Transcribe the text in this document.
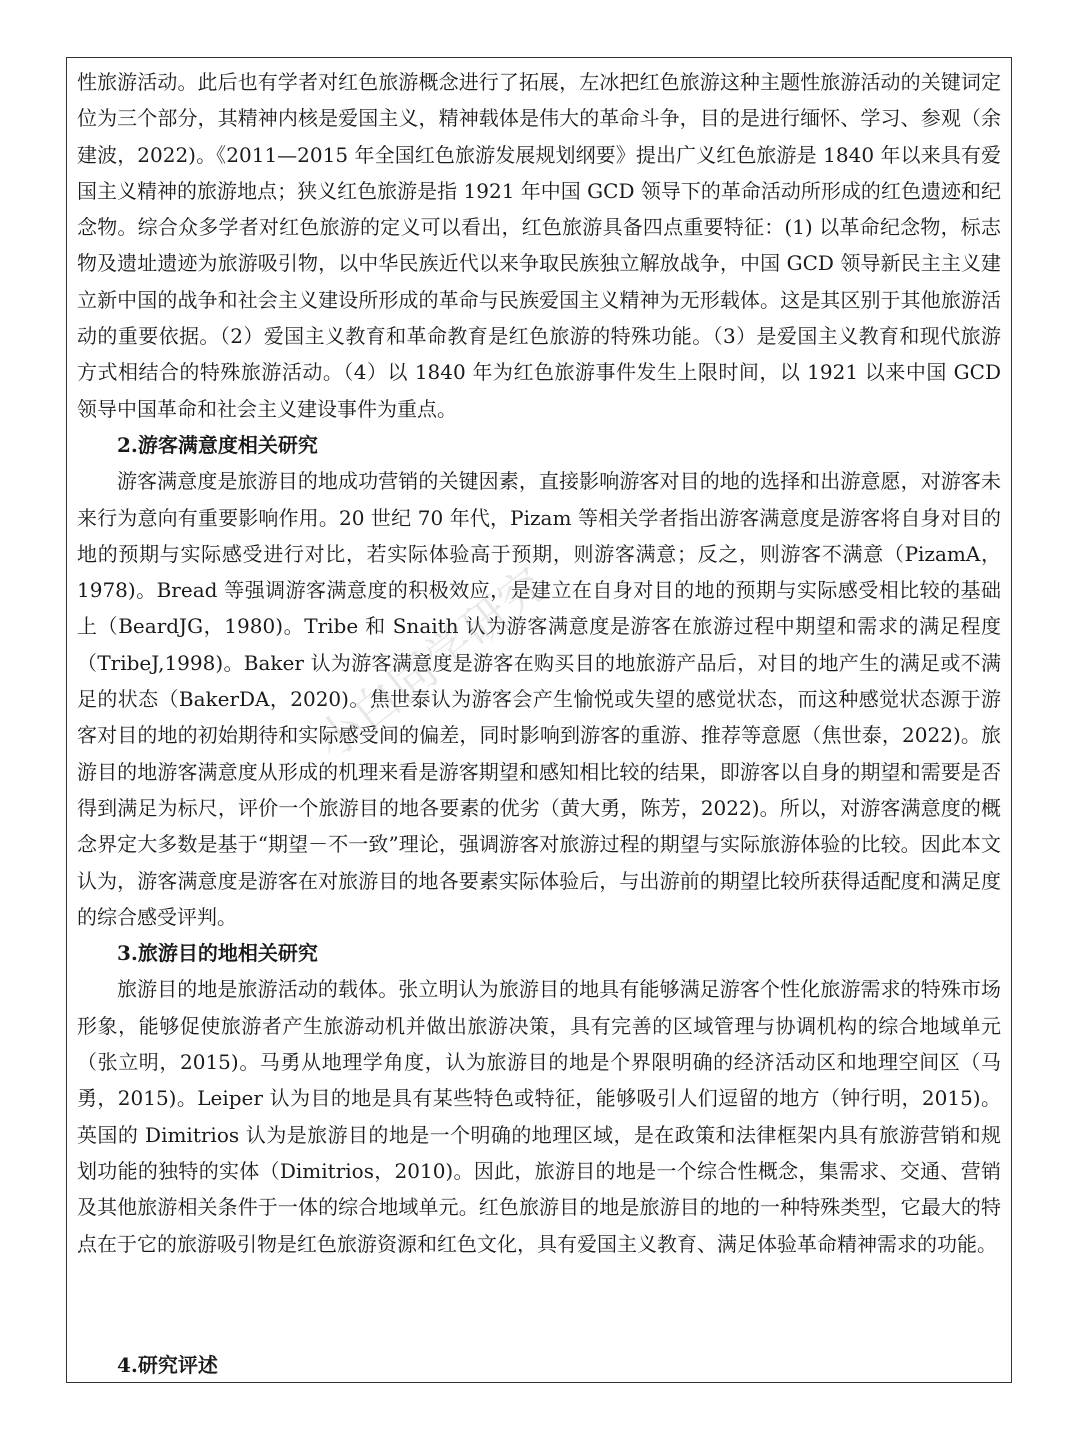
性旅游活动。此后也有学者对红色旅游概念进行了拓展，左冰把红色旅游这种主题性旅游活动的关键词定位为三个部分，其精神内核是爱国主义，精神载体是伟大的革命斗争，目的是进行缅怀、学习、参观（余建波，2022)。《2011—2015 年全国红色旅游发展规划纲要》提出广义红色旅游是 1840 年以来具有爱国主义精神的旅游地点；狭义红色旅游是指 1921 年中国 GCD 领导下的革命活动所形成的红色遗迹和纪念物。综合众多学者对红色旅游的定义可以看出，红色旅游具备四点重要特征：(1) 以革命纪念物，标志物及遗址遗迹为旅游吸引物，以中华民族近代以来争取民族独立解放战争，中国 GCD 领导新民主主义建立新中国的战争和社会主义建设所形成的革命与民族爱国主义精神为无形载体。这是其区别于其他旅游活动的重要依据。（2）爱国主义教育和革命教育是红色旅游的特殊功能。（3）是爱国主义教育和现代旅游方式相结合的特殊旅游活动。（4）以 1840 年为红色旅游事件发生上限时间，以 1921 以来中国 GCD 领导中国革命和社会主义建设事件为重点。

2.游客满意度相关研究

游客满意度是旅游目的地成功营销的关键因素，直接影响游客对目的地的选择和出游意愿，对游客未来行为意向有重要影响作用。20 世纪 70 年代，Pizam 等相关学者指出游客满意度是游客将自身对目的地的预期与实际感受进行对比，若实际体验高于预期，则游客满意；反之，则游客不满意（PizamA，1978)。Bread 等强调游客满意度的积极效应，是建立在自身对目的地的预期与实际感受相比较的基础上（BeardJG，1980)。Tribe 和 Snaith 认为游客满意度是游客在旅游过程中期望和需求的满足程度（TribeJ,1998)。Baker 认为游客满意度是游客在购买目的地旅游产品后，对目的地产生的满足或不满足的状态（BakerDA，2020)。焦世泰认为游客会产生愉悦或失望的感觉状态，而这种感觉状态源于游客对目的地的初始期待和实际感受间的偏差，同时影响到游客的重游、推荐等意愿（焦世泰，2022)。旅游目的地游客满意度从形成的机理来看是游客期望和感知相比较的结果，即游客以自身的期望和需要是否得到满足为标尺，评价一个旅游目的地各要素的优劣（黄大勇，陈芳，2022)。所以，对游客满意度的概念界定大多数是基于“期望－不一致”理论，强调游客对旅游过程的期望与实际旅游体验的比较。因此本文认为，游客满意度是游客在对旅游目的地各要素实际体验后，与出游前的期望比较所获得适配度和满足度的综合感受评判。

3.旅游目的地相关研究

旅游目的地是旅游活动的载体。张立明认为旅游目的地具有能够满足游客个性化旅游需求的特殊市场形象，能够促使旅游者产生旅游动机并做出旅游决策，具有完善的区域管理与协调机构的综合地域单元（张立明，2015)。马勇从地理学角度，认为旅游目的地是个界限明确的经济活动区和地理空间区（马勇，2015)。Leiper 认为目的地是具有某些特色或特征，能够吸引人们逗留的地方（钟行明，2015)。英国的 Dimitrios 认为是旅游目的地是一个明确的地理区域，是在政策和法律框架内具有旅游营销和规划功能的独特的实体（Dimitrios，2010)。因此，旅游目的地是一个综合性概念，集需求、交通、营销及其他旅游相关条件于一体的综合地域单元。红色旅游目的地是旅游目的地的一种特殊类型，它最大的特点在于它的旅游吸引物是红色旅游资源和红色文化，具有爱国主义教育、满足体验革命精神需求的功能。

4.研究评述

小白同学研究
